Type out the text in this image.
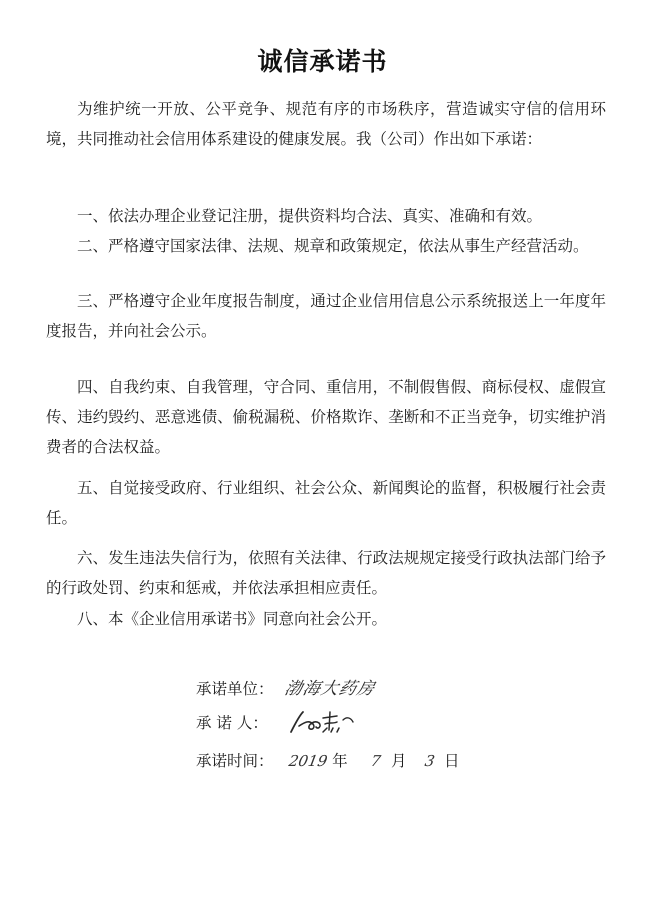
诚信承诺书

为维护统一开放、公平竞争、规范有序的市场秩序，营造诚实守信的信用环境，共同推动社会信用体系建设的健康发展。我（公司）作出如下承诺：

一、依法办理企业登记注册，提供资料均合法、真实、准确和有效。

二、严格遵守国家法律、法规、规章和政策规定，依法从事生产经营活动。

三、严格遵守企业年度报告制度，通过企业信用信息公示系统报送上一年度年度报告，并向社会公示。

四、自我约束、自我管理，守合同、重信用，不制假售假、商标侵权、虚假宣传、违约毁约、恶意逃债、偷税漏税、价格欺诈、垄断和不正当竞争，切实维护消费者的合法权益。

五、自觉接受政府、行业组织、社会公众、新闻舆论的监督，积极履行社会责任。

六、发生违法失信行为，依照有关法律、行政法规规定接受行政执法部门给予的行政处罚、约束和惩戒，并依法承担相应责任。

八、本《企业信用承诺书》同意向社会公开。

承诺单位： 渤海大药房
承 诺 人：
承诺时间： 2019 年 7 月 3 日
